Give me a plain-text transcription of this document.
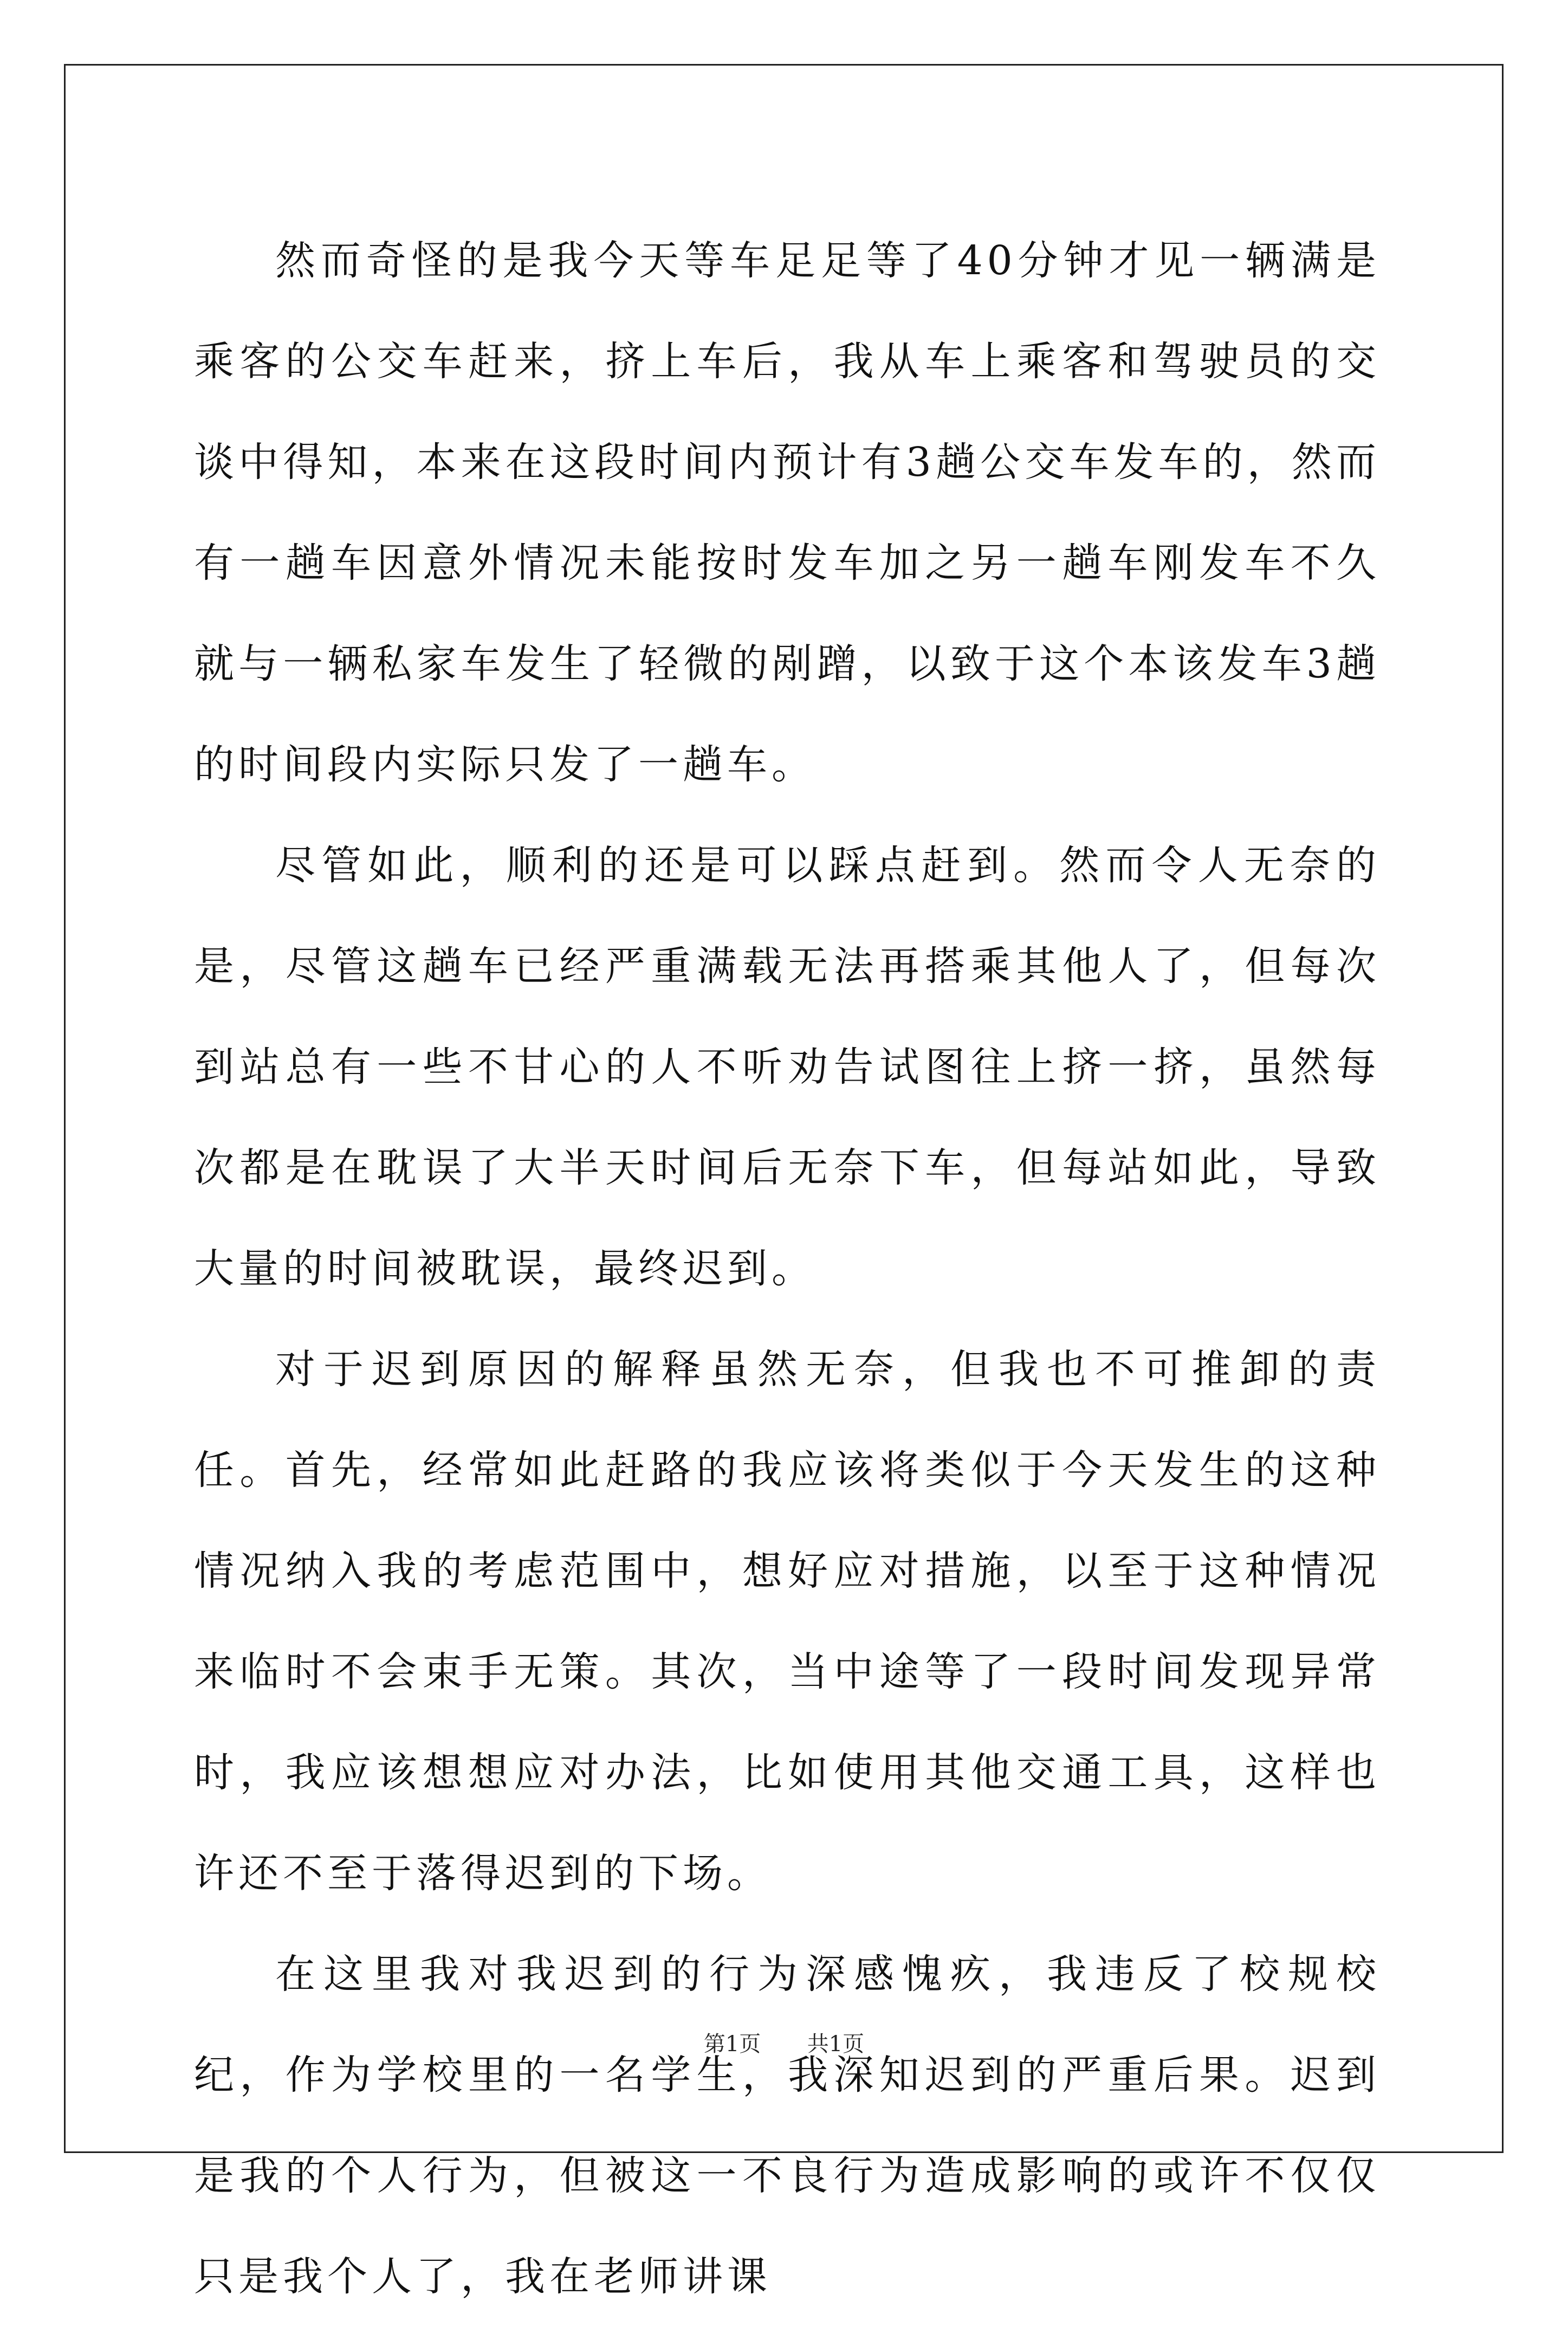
然而奇怪的是我今天等车足足等了40分钟才见一辆满是乘客的公交车赶来，挤上车后，我从车上乘客和驾驶员的交谈中得知，本来在这段时间内预计有3趟公交车发车的，然而有一趟车因意外情况未能按时发车加之另一趟车刚发车不久就与一辆私家车发生了轻微的剐蹭，以致于这个本该发车3趟的时间段内实际只发了一趟车。

尽管如此，顺利的还是可以踩点赶到。然而令人无奈的是，尽管这趟车已经严重满载无法再搭乘其他人了，但每次到站总有一些不甘心的人不听劝告试图往上挤一挤，虽然每次都是在耽误了大半天时间后无奈下车，但每站如此，导致大量的时间被耽误，最终迟到。

对于迟到原因的解释虽然无奈，但我也不可推卸的责任。首先，经常如此赶路的我应该将类似于今天发生的这种情况纳入我的考虑范围中，想好应对措施，以至于这种情况来临时不会束手无策。其次，当中途等了一段时间发现异常时，我应该想想应对办法，比如使用其他交通工具，这样也许还不至于落得迟到的下场。

在这里我对我迟到的行为深感愧疚，我违反了校规校纪，作为学校里的一名学生，我深知迟到的严重后果。迟到是我的个人行为，但被这一不良行为造成影响的或许不仅仅只是我个人了，我在老师讲课

第1页 共1页
